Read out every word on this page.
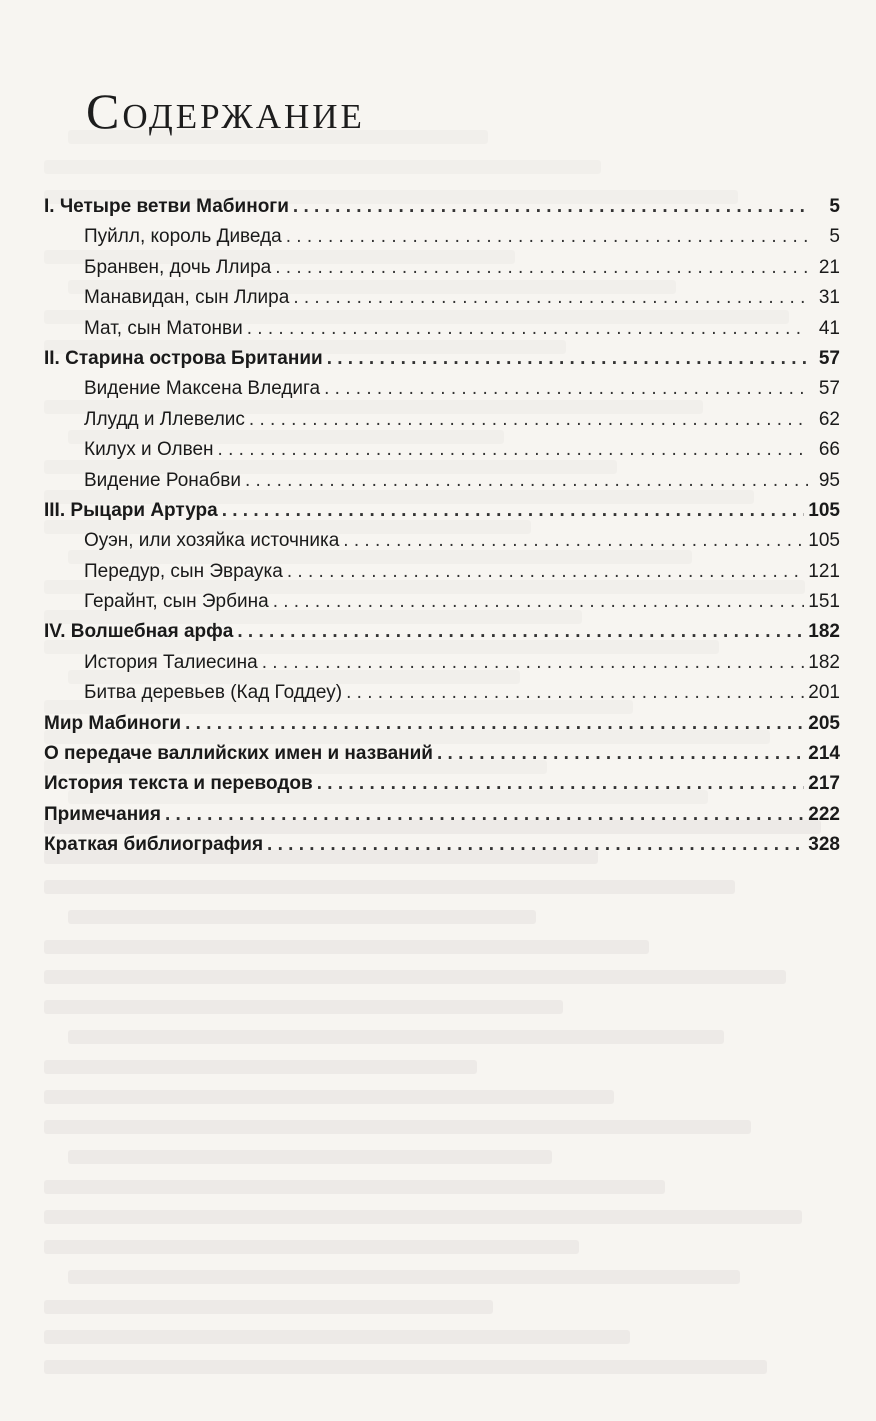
Содержание
I. Четыре ветви Мабиноги . . .	5
Пуйлл, король Диведа . . .	5
Бранвен, дочь Ллира . . .	21
Манавидан, сын Ллира . . .	31
Мат, сын Матонви . . .	41
II. Старина острова Британии . . .	57
Видение Максена Вледига . . .	57
Ллудд и Ллевелис . . .	62
Килух и Олвен . . .	66
Видение Ронабви . . .	95
III. Рыцари Артура . . .	105
Оуэн, или хозяйка источника . . .	105
Передур, сын Эвраука . . .	121
Герайнт, сын Эрбина . . .	151
IV. Волшебная арфа . . .	182
История Талиесина . . .	182
Битва деревьев (Кад Годдеу) . . .	201
Мир Мабиноги . . .	205
О передаче валлийских имен и названий . . .	214
История текста и переводов . . .	217
Примечания . . .	222
Краткая библиография . . .	328
